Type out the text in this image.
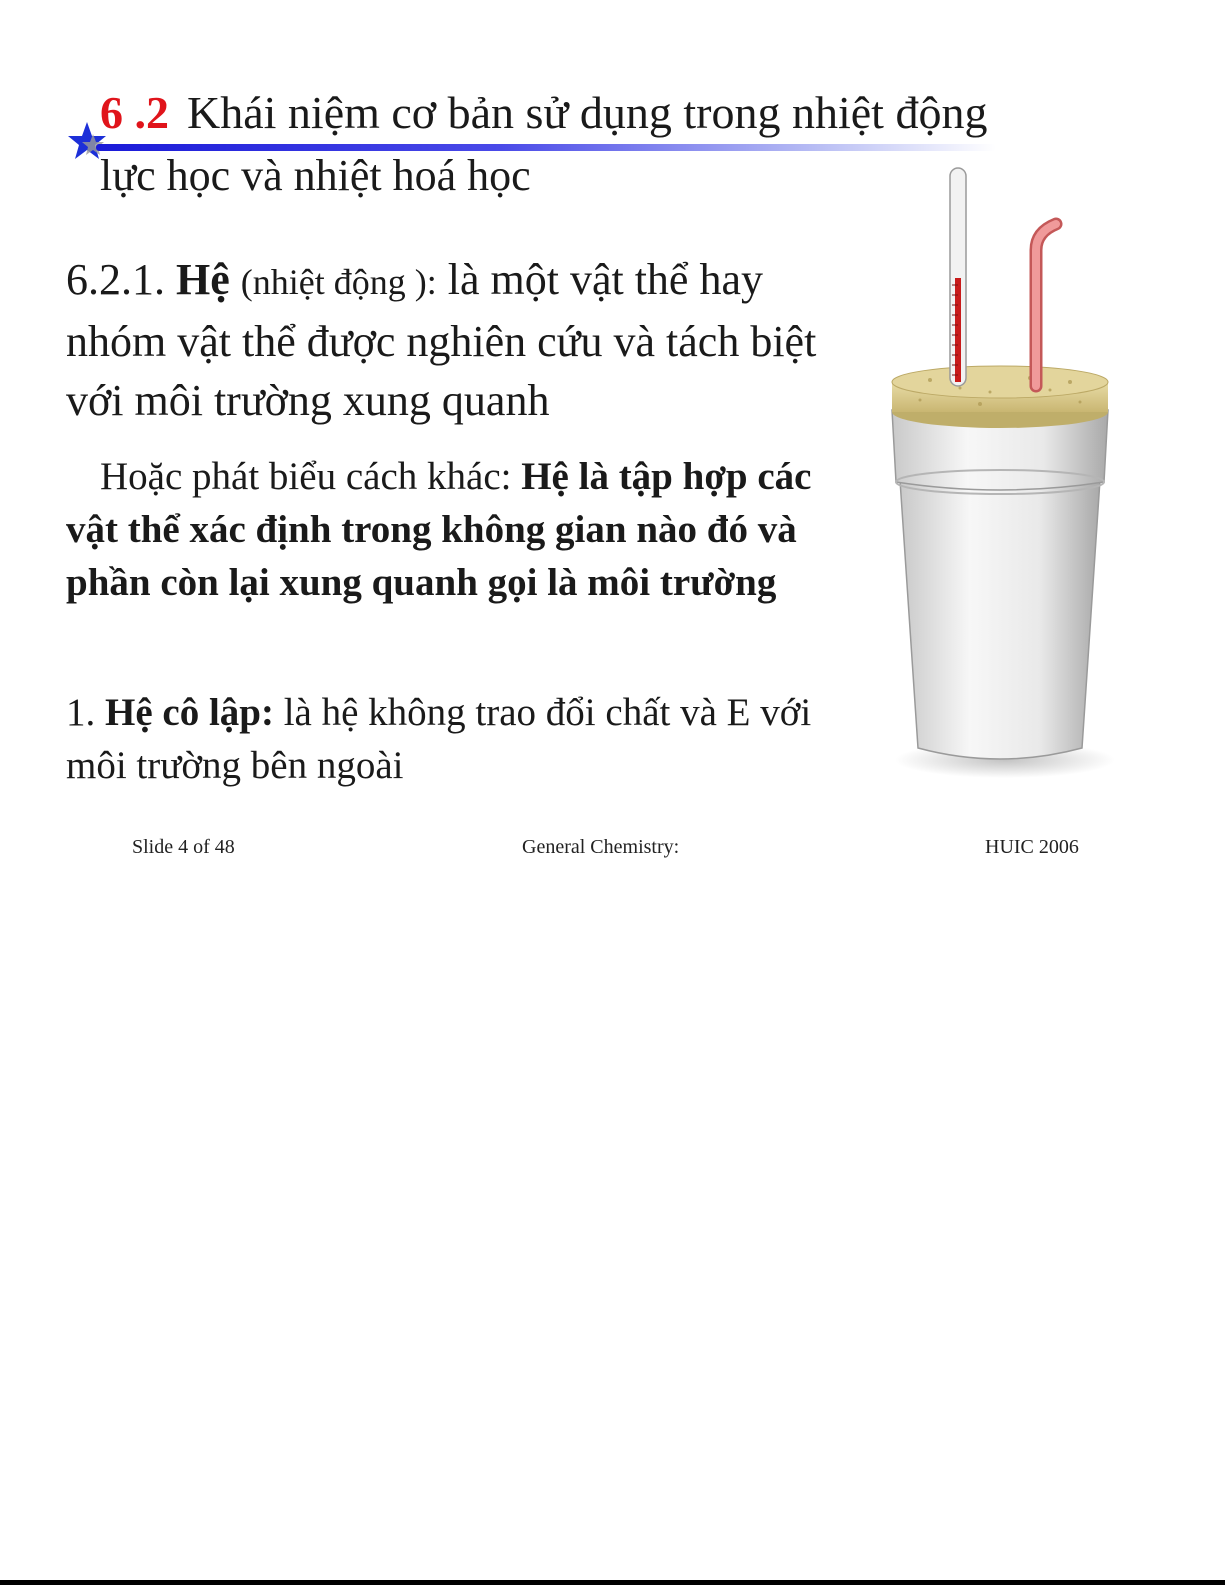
6 .2 Khái niệm cơ bản sử dụng trong nhiệt động
lực học và nhiệt hoá học
6.2.1. Hệ (nhiệt động ): là một vật thể hay nhóm vật thể được nghiên cứu và tách biệt với môi trường xung quanh
Hoặc phát biểu cách khác: Hệ là tập hợp các vật thể xác định trong không gian nào đó và phần còn lại xung quanh gọi là môi trường
1. Hệ cô lập: là hệ không trao đổi chất và E với môi trường bên ngoài
Slide 4 of 48	General Chemistry:	HUIC 2006
